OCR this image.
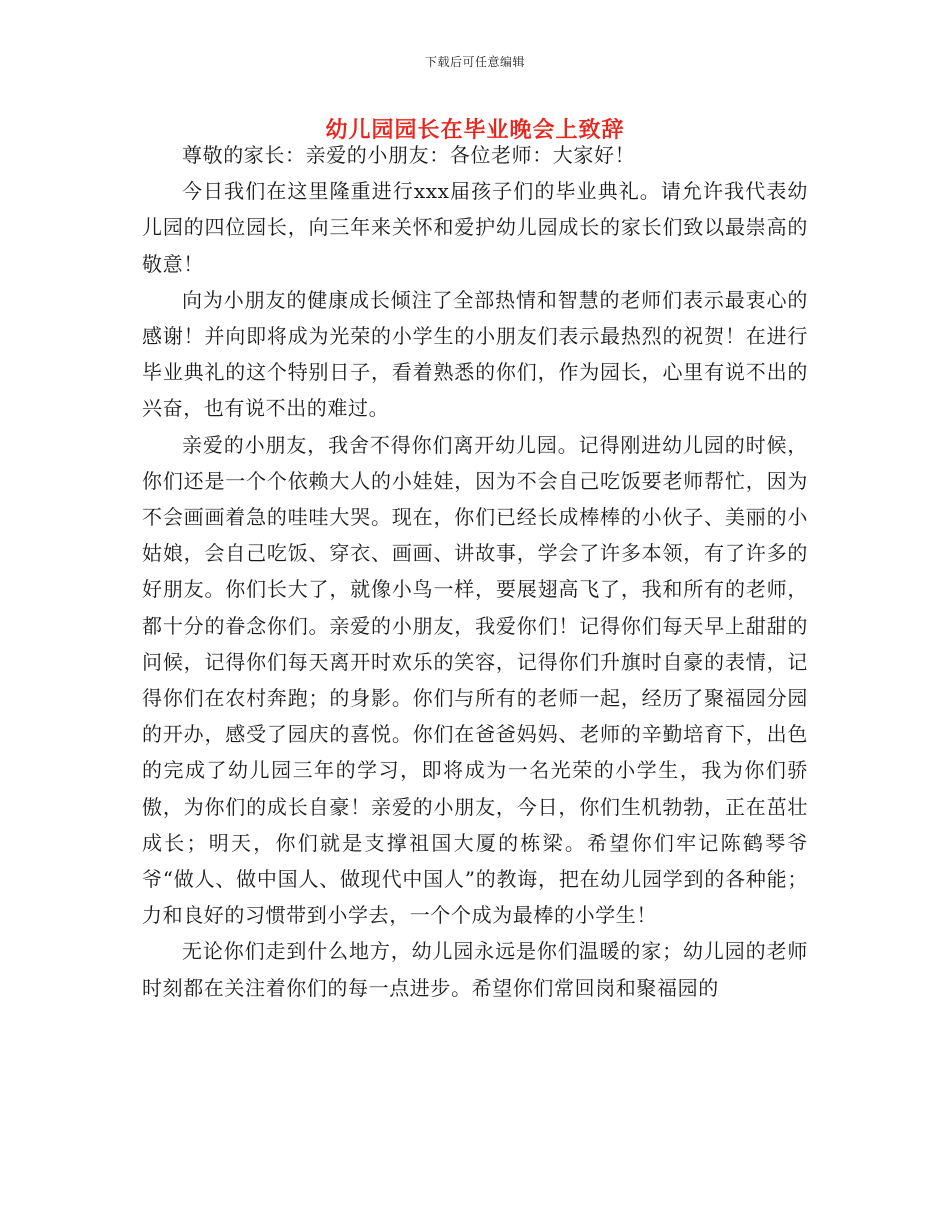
下载后可任意编辑
幼儿园园长在毕业晚会上致辞

尊敬的家长：亲爱的小朋友：各位老师：大家好！

今日我们在这里隆重进行xxx届孩子们的毕业典礼。请允许我代表幼儿园的四位园长，向三年来关怀和爱护幼儿园成长的家长们致以最崇高的敬意！

向为小朋友的健康成长倾注了全部热情和智慧的老师们表示最衷心的感谢！并向即将成为光荣的小学生的小朋友们表示最热烈的祝贺！在进行毕业典礼的这个特别日子，看着熟悉的你们，作为园长，心里有说不出的兴奋，也有说不出的难过。

亲爱的小朋友，我舍不得你们离开幼儿园。记得刚进幼儿园的时候，你们还是一个个依赖大人的小娃娃，因为不会自己吃饭要老师帮忙，因为不会画画着急的哇哇大哭。现在，你们已经长成棒棒的小伙子、美丽的小姑娘，会自己吃饭、穿衣、画画、讲故事，学会了许多本领，有了许多的好朋友。你们长大了，就像小鸟一样，要展翅高飞了，我和所有的老师，都十分的眷念你们。亲爱的小朋友，我爱你们！记得你们每天早上甜甜的问候，记得你们每天离开时欢乐的笑容，记得你们升旗时自豪的表情，记得你们在农村奔跑；的身影。你们与所有的老师一起，经历了聚福园分园的开办，感受了园庆的喜悦。你们在爸爸妈妈、老师的辛勤培育下，出色的完成了幼儿园三年的学习，即将成为一名光荣的小学生，我为你们骄傲，为你们的成长自豪！亲爱的小朋友，今日，你们生机勃勃，正在茁壮成长；明天，你们就是支撑祖国大厦的栋梁。希望你们牢记陈鹤琴爷爷“做人、做中国人、做现代中国人”的教诲，把在幼儿园学到的各种能；力和良好的习惯带到小学去，一个个成为最棒的小学生！

无论你们走到什么地方，幼儿园永远是你们温暖的家；幼儿园的老师时刻都在关注着你们的每一点进步。希望你们常回岗和聚福园的
